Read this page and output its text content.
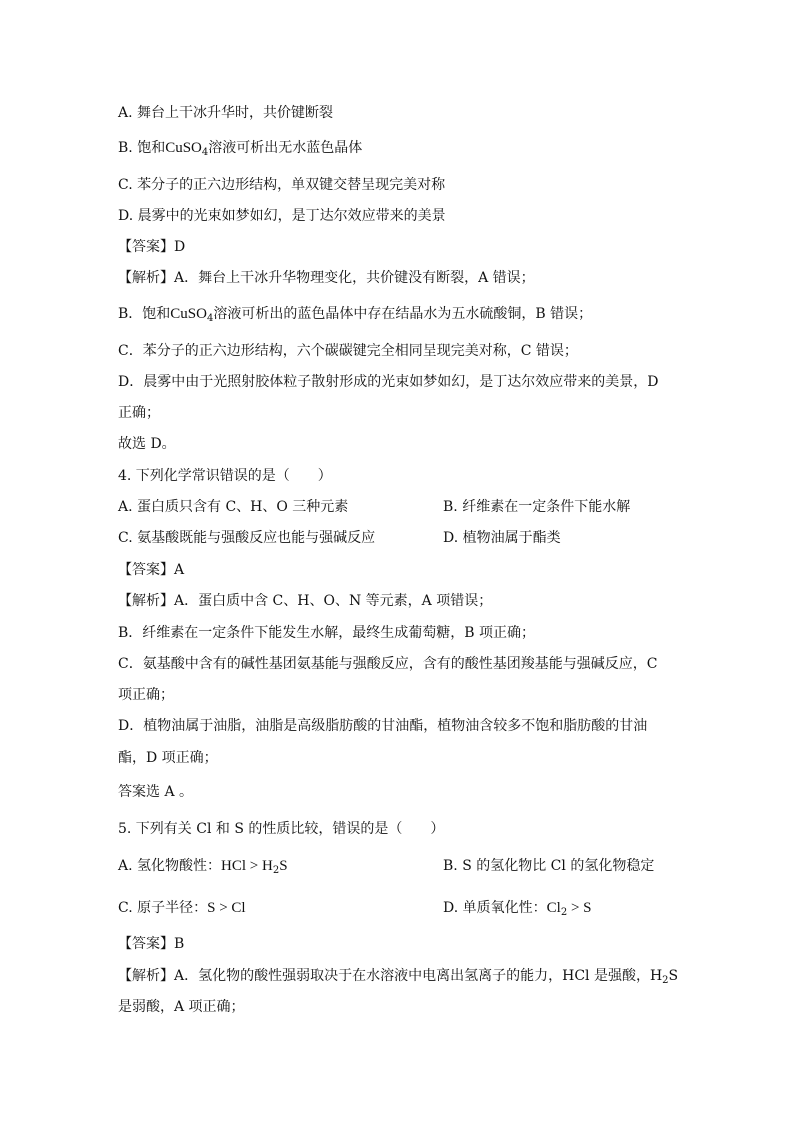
A. 舞台上干冰升华时，共价键断裂
B. 饱和CuSO$_4$溶液可析出无水蓝色晶体
C. 苯分子的正六边形结构，单双键交替呈现完美对称
D. 晨雾中的光束如梦如幻，是丁达尔效应带来的美景
【答案】D
【解析】A．舞台上干冰升华物理变化，共价键没有断裂，A 错误；
B．饱和CuSO$_4$溶液可析出的蓝色晶体中存在结晶水为五水硫酸铜，B 错误；
C．苯分子的正六边形结构，六个碳碳键完全相同呈现完美对称，C 错误；
D．晨雾中由于光照射胶体粒子散射形成的光束如梦如幻，是丁达尔效应带来的美景，D
正确；
故选 D。
4. 下列化学常识错误的是（　　）
A. 蛋白质只含有 C、H、O 三种元素	B. 纤维素在一定条件下能水解
C. 氨基酸既能与强酸反应也能与强碱反应	D. 植物油属于酯类
【答案】A
【解析】A．蛋白质中含 C、H、O、N 等元素，A 项错误；
B．纤维素在一定条件下能发生水解，最终生成葡萄糖，B 项正确；
C．氨基酸中含有的碱性基团氨基能与强酸反应，含有的酸性基团羧基能与强碱反应，C
项正确；
D．植物油属于油脂，油脂是高级脂肪酸的甘油酯，植物油含较多不饱和脂肪酸的甘油
酯，D 项正确；
答案选 A 。
5. 下列有关 Cl 和 S 的性质比较，错误的是（　　）
A. 氢化物酸性：HCl > $H_2S$	B. S 的氢化物比 Cl 的氢化物稳定
C. 原子半径：S > Cl	D. 单质氧化性：$Cl_2 > S$
【答案】B
【解析】A．氢化物的酸性强弱取决于在水溶液中电离出氢离子的能力，HCl 是强酸，$H_2S$
是弱酸，A 项正确；
